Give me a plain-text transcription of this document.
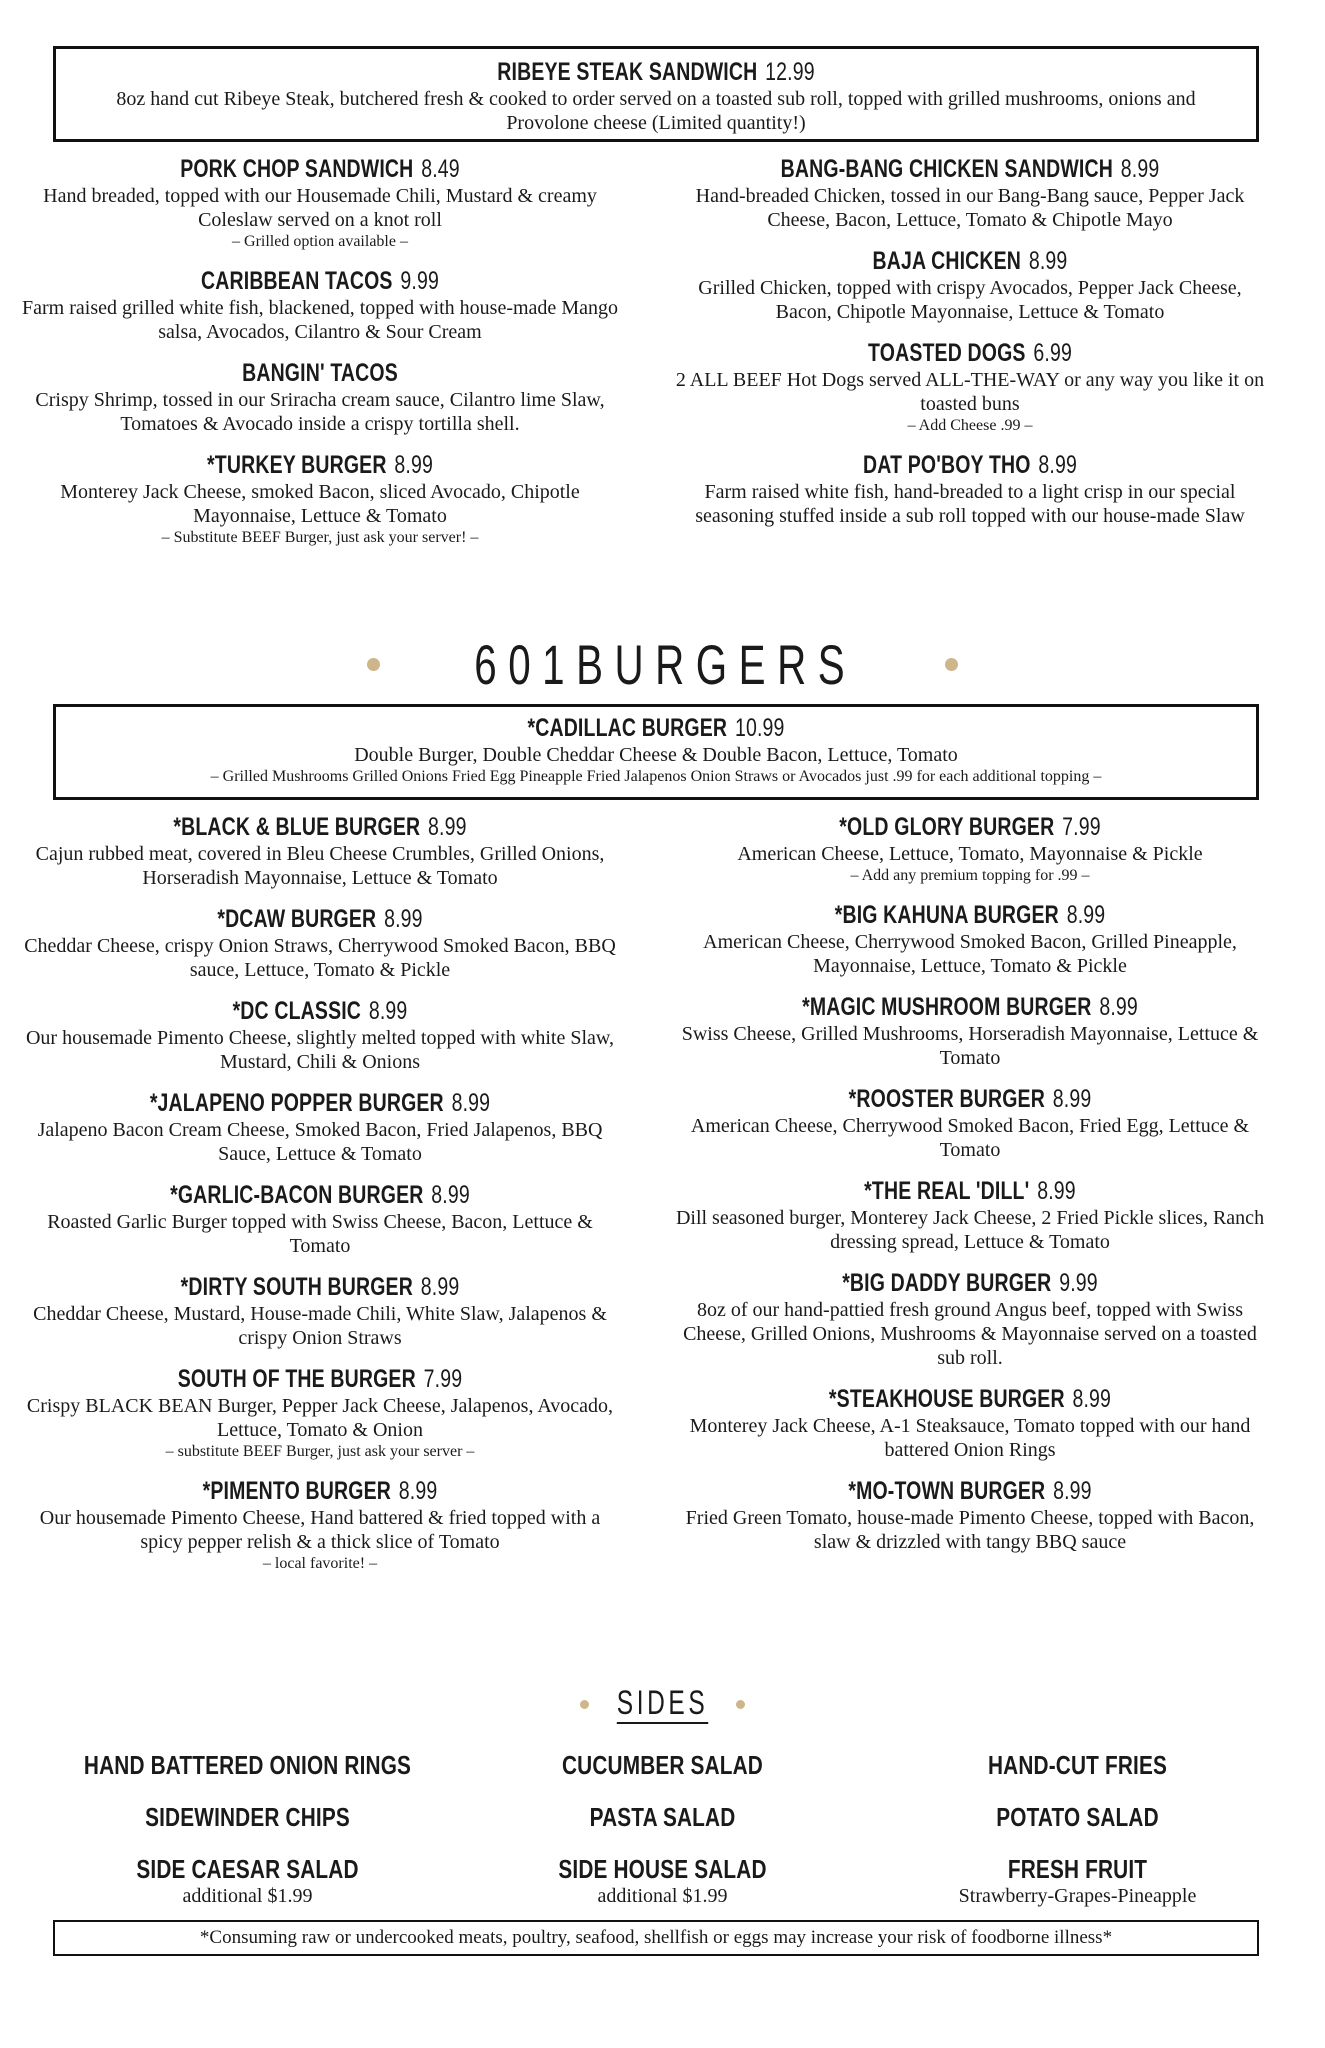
RIBEYE STEAK SANDWICH 12.99
8oz hand cut Ribeye Steak, butchered fresh & cooked to order served on a toasted sub roll, topped with grilled mushrooms, onions and Provolone cheese (Limited quantity!)
PORK CHOP SANDWICH 8.49
Hand breaded, topped with our Housemade Chili, Mustard & creamy Coleslaw served on a knot roll
– Grilled option available –
CARIBBEAN TACOS 9.99
Farm raised grilled white fish, blackened, topped with house-made Mango salsa, Avocados, Cilantro & Sour Cream
BANGIN' TACOS
Crispy Shrimp, tossed in our Sriracha cream sauce, Cilantro lime Slaw, Tomatoes & Avocado inside a crispy tortilla shell.
*TURKEY BURGER 8.99
Monterey Jack Cheese, smoked Bacon, sliced Avocado, Chipotle Mayonnaise, Lettuce & Tomato
– Substitute BEEF Burger, just ask your server! –
BANG-BANG CHICKEN SANDWICH 8.99
Hand-breaded Chicken, tossed in our Bang-Bang sauce, Pepper Jack Cheese, Bacon, Lettuce, Tomato & Chipotle Mayo
BAJA CHICKEN 8.99
Grilled Chicken, topped with crispy Avocados, Pepper Jack Cheese, Bacon, Chipotle Mayonnaise, Lettuce & Tomato
TOASTED DOGS 6.99
2 ALL BEEF Hot Dogs served ALL-THE-WAY or any way you like it on toasted buns
– Add Cheese .99 –
DAT PO'BOY THO 8.99
Farm raised white fish, hand-breaded to a light crisp in our special seasoning stuffed inside a sub roll topped with our house-made Slaw
601BURGERS
*CADILLAC BURGER 10.99
Double Burger, Double Cheddar Cheese & Double Bacon, Lettuce, Tomato
– Grilled Mushrooms Grilled Onions Fried Egg Pineapple Fried Jalapenos Onion Straws or Avocados just .99 for each additional topping –
*BLACK & BLUE BURGER 8.99
Cajun rubbed meat, covered in Bleu Cheese Crumbles, Grilled Onions, Horseradish Mayonnaise, Lettuce & Tomato
*DCAW BURGER 8.99
Cheddar Cheese, crispy Onion Straws, Cherrywood Smoked Bacon, BBQ sauce, Lettuce, Tomato & Pickle
*DC CLASSIC 8.99
Our housemade Pimento Cheese, slightly melted topped with white Slaw, Mustard, Chili & Onions
*JALAPENO POPPER BURGER 8.99
Jalapeno Bacon Cream Cheese, Smoked Bacon, Fried Jalapenos, BBQ Sauce, Lettuce & Tomato
*GARLIC-BACON BURGER 8.99
Roasted Garlic Burger topped with Swiss Cheese, Bacon, Lettuce & Tomato
*DIRTY SOUTH BURGER 8.99
Cheddar Cheese, Mustard, House-made Chili, White Slaw, Jalapenos & crispy Onion Straws
SOUTH OF THE BURGER 7.99
Crispy BLACK BEAN Burger, Pepper Jack Cheese, Jalapenos, Avocado, Lettuce, Tomato & Onion
– substitute BEEF Burger, just ask your server –
*PIMENTO BURGER 8.99
Our housemade Pimento Cheese, Hand battered & fried topped with a spicy pepper relish & a thick slice of Tomato
– local favorite! –
*OLD GLORY BURGER 7.99
American Cheese, Lettuce, Tomato, Mayonnaise & Pickle
– Add any premium topping for .99 –
*BIG KAHUNA BURGER 8.99
American Cheese, Cherrywood Smoked Bacon, Grilled Pineapple, Mayonnaise, Lettuce, Tomato & Pickle
*MAGIC MUSHROOM BURGER 8.99
Swiss Cheese, Grilled Mushrooms, Horseradish Mayonnaise, Lettuce & Tomato
*ROOSTER BURGER 8.99
American Cheese, Cherrywood Smoked Bacon, Fried Egg, Lettuce & Tomato
*THE REAL 'DILL' 8.99
Dill seasoned burger, Monterey Jack Cheese, 2 Fried Pickle slices, Ranch dressing spread, Lettuce & Tomato
*BIG DADDY BURGER 9.99
8oz of our hand-pattied fresh ground Angus beef, topped with Swiss Cheese, Grilled Onions, Mushrooms & Mayonnaise served on a toasted sub roll.
*STEAKHOUSE BURGER 8.99
Monterey Jack Cheese, A-1 Steaksauce, Tomato topped with our hand battered Onion Rings
*MO-TOWN BURGER 8.99
Fried Green Tomato, house-made Pimento Cheese, topped with Bacon, slaw & drizzled with tangy BBQ sauce
SIDES
HAND BATTERED ONION RINGS	CUCUMBER SALAD	HAND-CUT FRIES
SIDEWINDER CHIPS	PASTA SALAD	POTATO SALAD
SIDE CAESAR SALAD
additional $1.99
SIDE HOUSE SALAD
additional $1.99
FRESH FRUIT
Strawberry-Grapes-Pineapple
*Consuming raw or undercooked meats, poultry, seafood, shellfish or eggs may increase your risk of foodborne illness*
